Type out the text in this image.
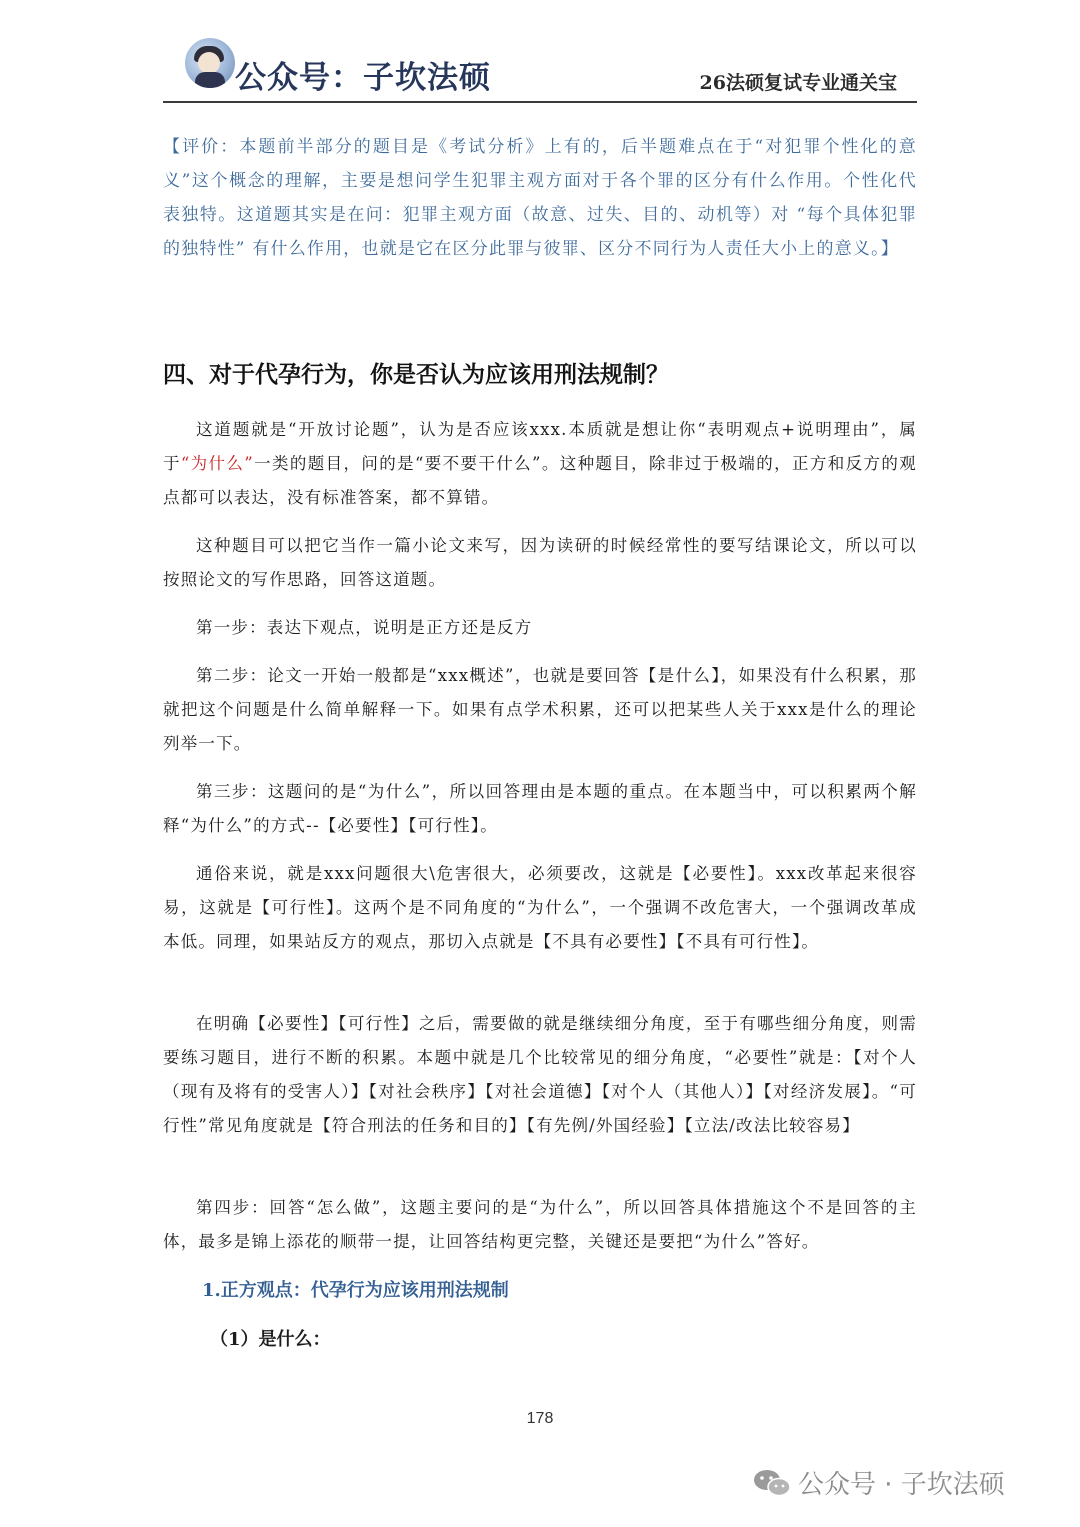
公众号：子坎法硕	26法硕复试专业通关宝
【评价：本题前半部分的题目是《考试分析》上有的，后半题难点在于“对犯罪个性化的意义”这个概念的理解，主要是想问学生犯罪主观方面对于各个罪的区分有什么作用。个性化代表独特。这道题其实是在问：犯罪主观方面（故意、过失、目的、动机等）对 “每个具体犯罪的独特性” 有什么作用，也就是它在区分此罪与彼罪、区分不同行为人责任大小上的意义。】
四、对于代孕行为，你是否认为应该用刑法规制？
这道题就是“开放讨论题”，认为是否应该xxx.本质就是想让你“表明观点+说明理由”，属于“为什么”一类的题目，问的是“要不要干什么”。这种题目，除非过于极端的，正方和反方的观点都可以表达，没有标准答案，都不算错。
这种题目可以把它当作一篇小论文来写，因为读研的时候经常性的要写结课论文，所以可以按照论文的写作思路，回答这道题。
第一步：表达下观点，说明是正方还是反方
第二步：论文一开始一般都是“xxx概述”，也就是要回答【是什么】，如果没有什么积累，那就把这个问题是什么简单解释一下。如果有点学术积累，还可以把某些人关于xxx是什么的理论列举一下。
第三步：这题问的是“为什么”，所以回答理由是本题的重点。在本题当中，可以积累两个解释“为什么”的方式--【必要性】【可行性】。
通俗来说，就是xxx问题很大\危害很大，必须要改，这就是【必要性】。xxx改革起来很容易，这就是【可行性】。这两个是不同角度的“为什么”，一个强调不改危害大，一个强调改革成本低。同理，如果站反方的观点，那切入点就是【不具有必要性】【不具有可行性】。
在明确【必要性】【可行性】之后，需要做的就是继续细分角度，至于有哪些细分角度，则需要练习题目，进行不断的积累。本题中就是几个比较常见的细分角度，“必要性”就是：【对个人（现有及将有的受害人）】【对社会秩序】【对社会道德】【对个人（其他人）】【对经济发展】。“可行性”常见角度就是【符合刑法的任务和目的】【有先例/外国经验】【立法/改法比较容易】
第四步：回答“怎么做”，这题主要问的是“为什么”，所以回答具体措施这个不是回答的主体，最多是锦上添花的顺带一提，让回答结构更完整，关键还是要把“为什么”答好。
1.正方观点：代孕行为应该用刑法规制
（1）是什么：
178
公众号 · 子坎法硕
